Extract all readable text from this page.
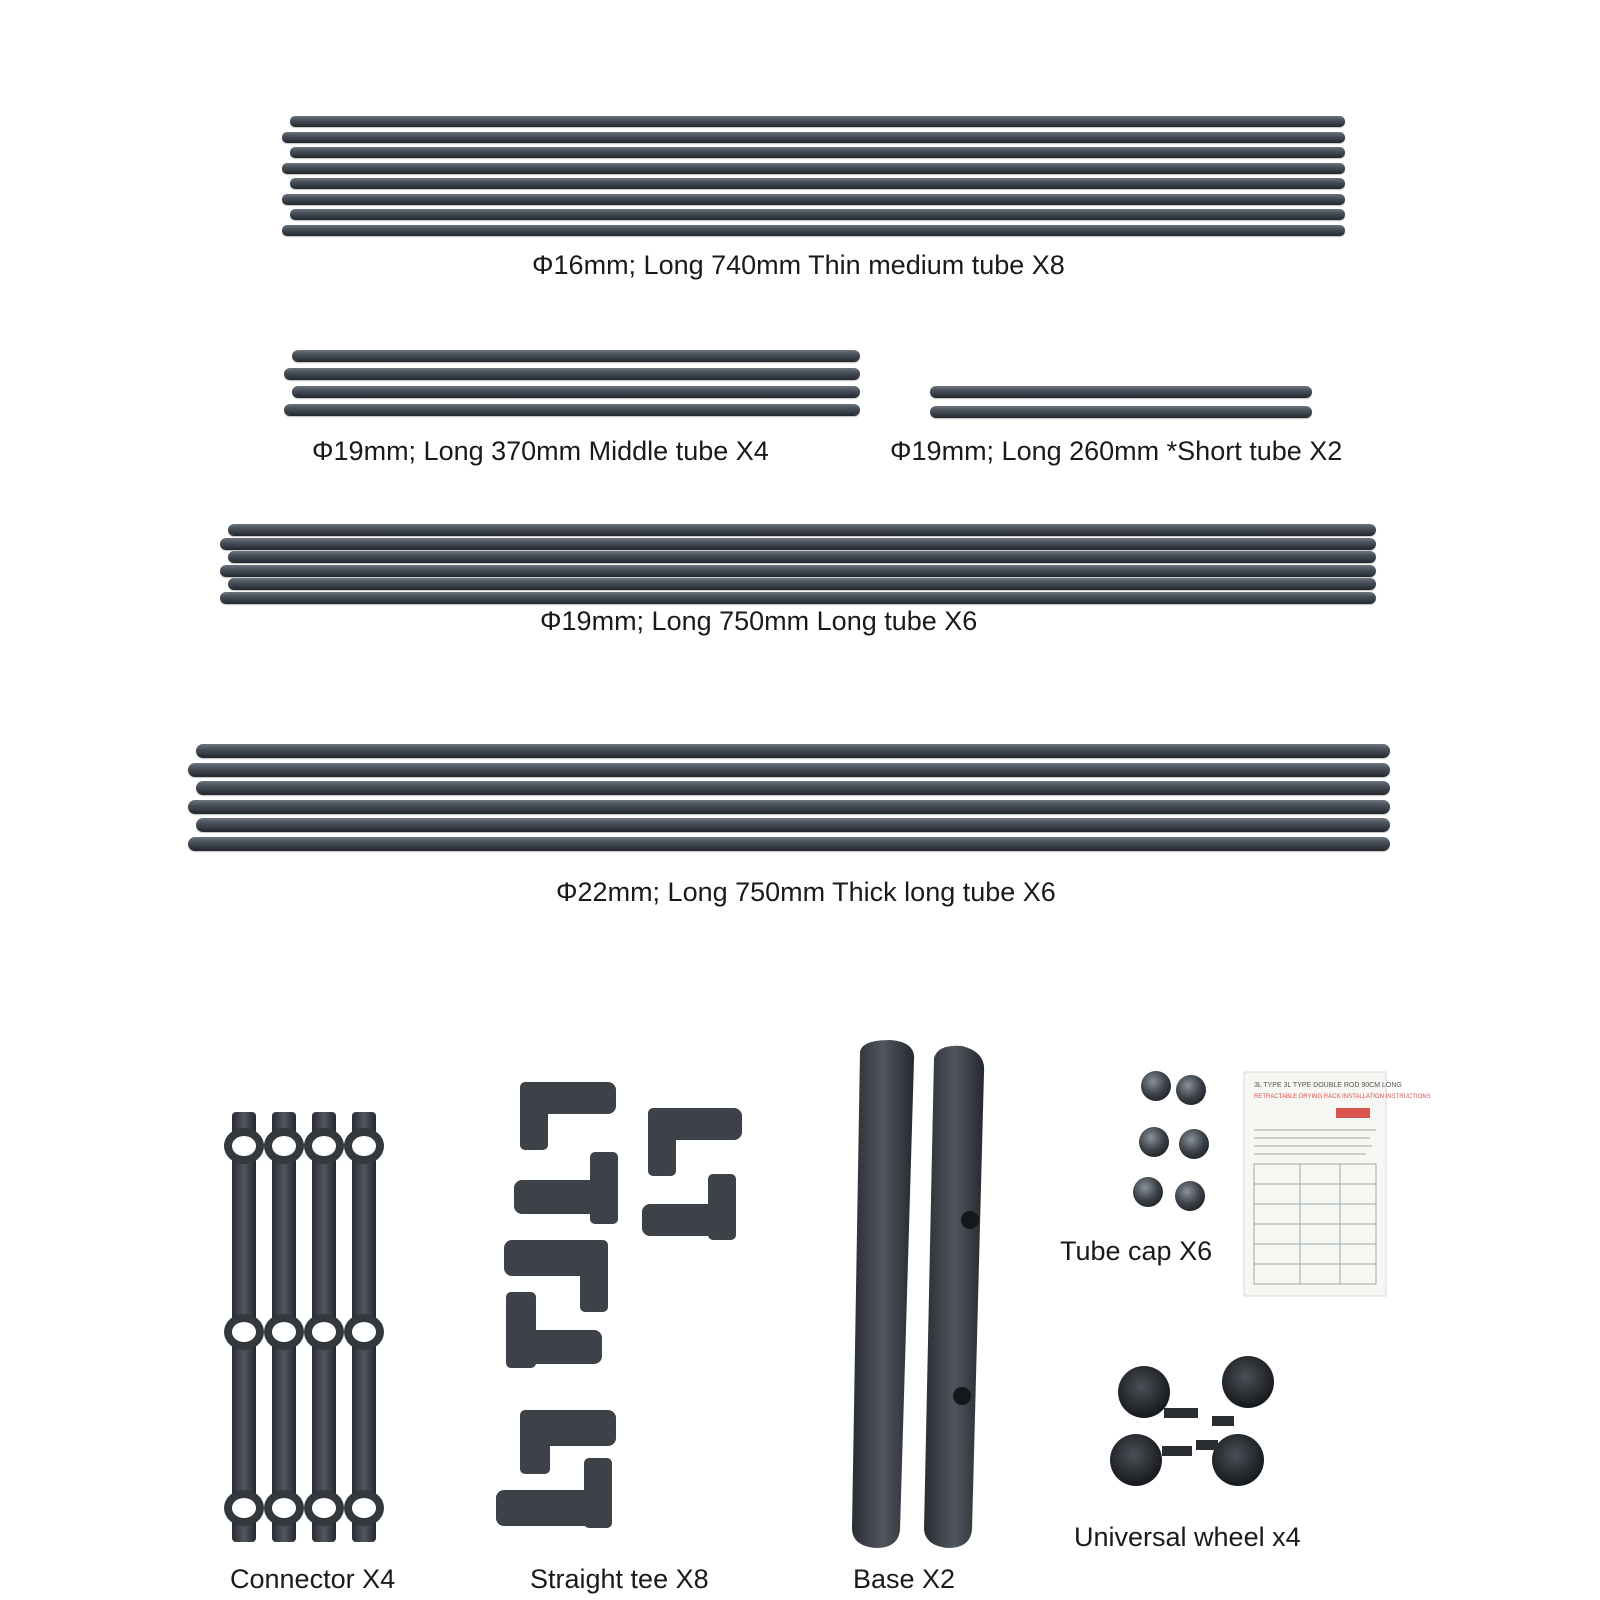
Φ16mm; Long 740mm Thin medium tube X8
Φ19mm; Long 370mm Middle tube X4	Φ19mm; Long 260mm *Short tube X2
Φ19mm; Long 750mm Long tube X6
Φ22mm; Long 750mm Thick long tube X6
Connector X4	Straight tee X8	Base X2
Tube cap X6
Universal wheel x4
3L TYPE 3L TYPE DOUBLE ROD 90CM LONG
RETRACTABLE DRYING RACK INSTALLATION INSTRUCTIONS
